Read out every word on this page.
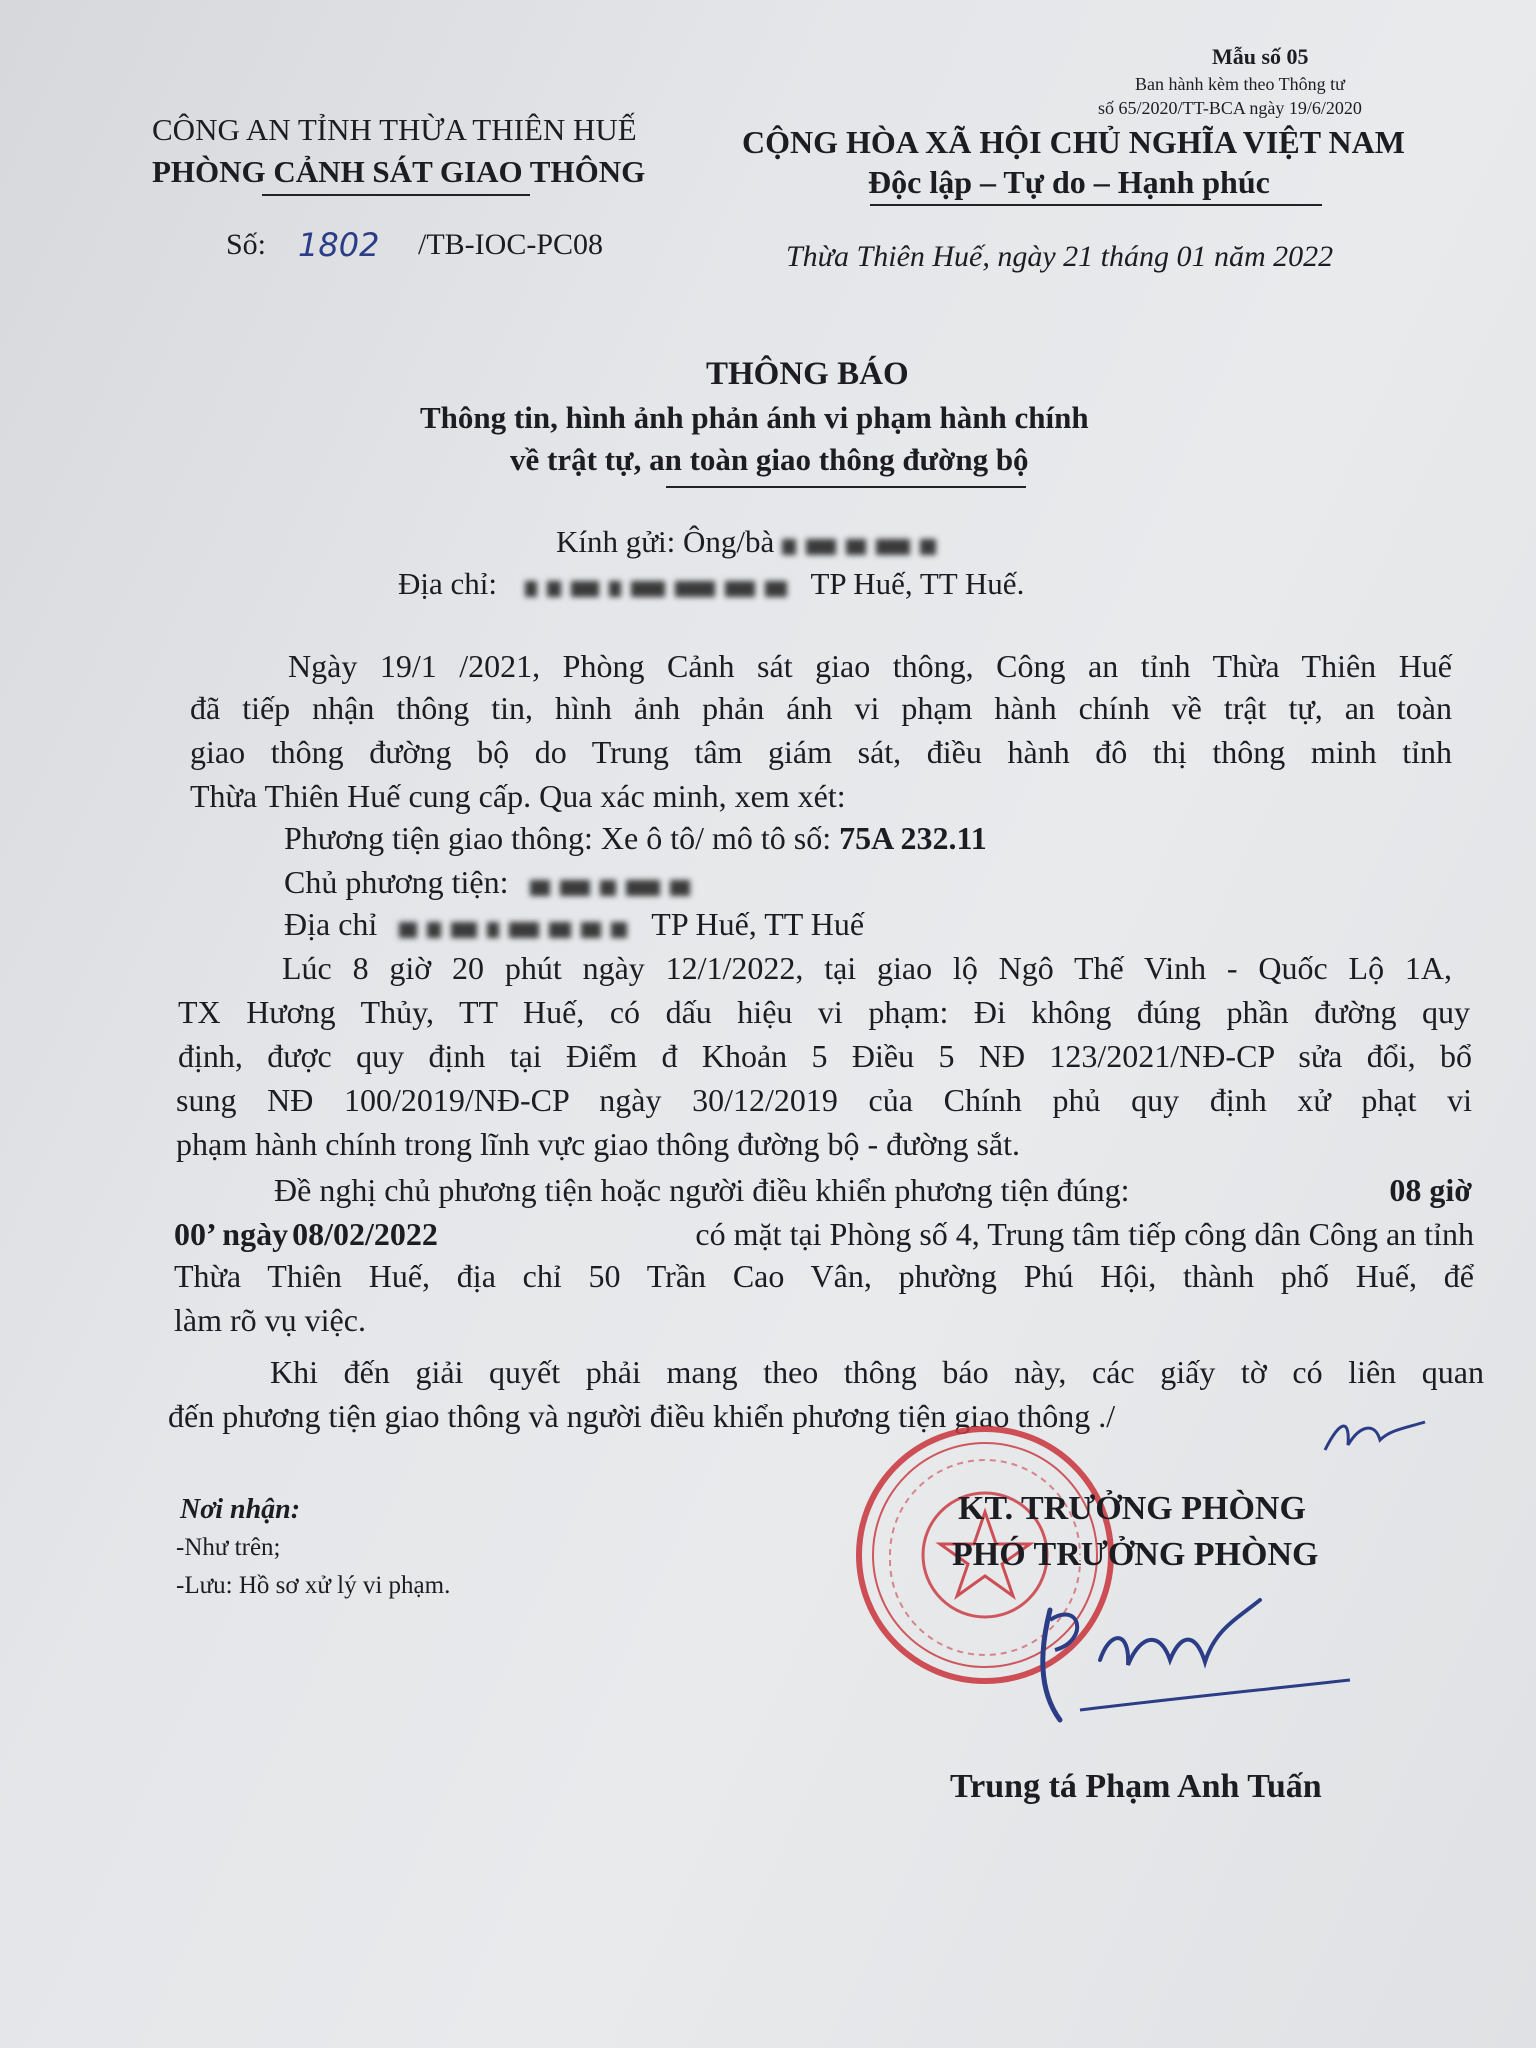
Mẫu số 05
Ban hành kèm theo Thông tư
số 65/2020/TT-BCA ngày 19/6/2020
CÔNG AN TỈNH THỪA THIÊN HUẾ
PHÒNG CẢNH SÁT GIAO THÔNG
CỘNG HÒA XÃ HỘI CHỦ NGHĨA VIỆT NAM
Độc lập – Tự do – Hạnh phúc
Số: 1802 /TB-IOC-PC08	Thừa Thiên Huế, ngày 21 tháng 01 năm 2022
THÔNG BÁO
Thông tin, hình ảnh phản ánh vi phạm hành chính
về trật tự, an toàn giao thông đường bộ
Kính gửi: Ông/bà
Địa chỉ:	TP Huế, TT Huế.
Ngày 19/1 /2021, Phòng Cảnh sát giao thông, Công an tỉnh Thừa Thiên Huế
đã tiếp nhận thông tin, hình ảnh phản ánh vi phạm hành chính về trật tự, an toàn
giao thông đường bộ do Trung tâm giám sát, điều hành đô thị thông minh tỉnh
Thừa Thiên Huế cung cấp. Qua xác minh, xem xét:
Phương tiện giao thông: Xe ô tô/ mô tô số: 75A 232.11
Chủ phương tiện:
Địa chỉ	TP Huế, TT Huế
Lúc 8 giờ 20 phút ngày 12/1/2022, tại giao lộ Ngô Thế Vinh - Quốc Lộ 1A,
TX Hương Thủy, TT Huế, có dấu hiệu vi phạm: Đi không đúng phần đường quy
định, được quy định tại Điểm đ Khoản 5 Điều 5 NĐ 123/2021/NĐ-CP sửa đổi, bổ
sung NĐ 100/2019/NĐ-CP ngày 30/12/2019 của Chính phủ quy định xử phạt vi
phạm hành chính trong lĩnh vực giao thông đường bộ - đường sắt.
Đề nghị chủ phương tiện hoặc người điều khiển phương tiện đúng:	08 giờ
00’ ngày 08/02/2022	có mặt tại Phòng số 4, Trung tâm tiếp công dân Công an tỉnh
Thừa Thiên Huế, địa chỉ 50 Trần Cao Vân, phường Phú Hội, thành phố Huế, để
làm rõ vụ việc.
Khi đến giải quyết phải mang theo thông báo này, các giấy tờ có liên quan
đến phương tiện giao thông và người điều khiển phương tiện giao thông ./
Nơi nhận:
-Như trên;
-Lưu: Hồ sơ xử lý vi phạm.
KT. TRƯỞNG PHÒNG
PHÓ TRƯỞNG PHÒNG
Trung tá Phạm Anh Tuấn
